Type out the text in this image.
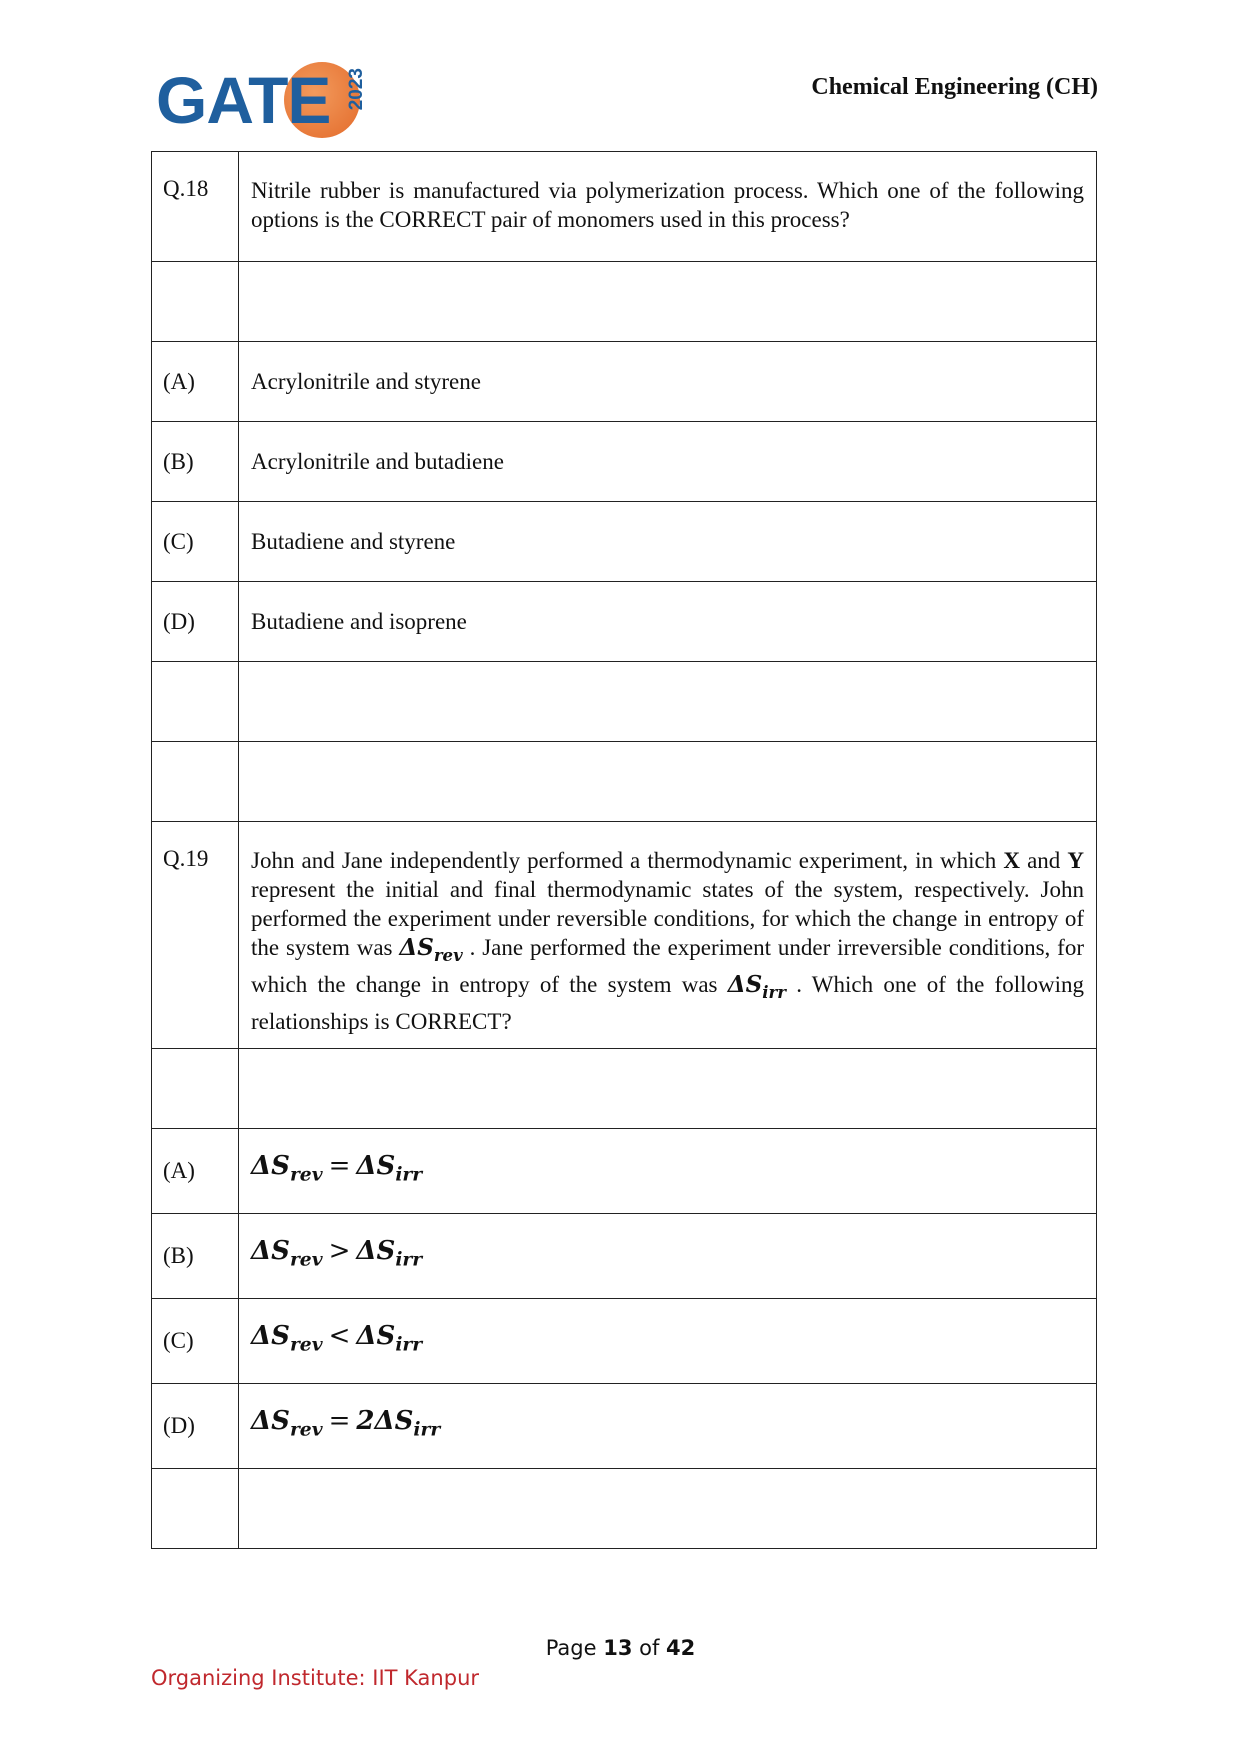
GATE 2023	Chemical Engineering (CH)
Q.18	Nitrile rubber is manufactured via polymerization process. Which one of the following options is the CORRECT pair of monomers used in this process?

(A)	Acrylonitrile and styrene
(B)	Acrylonitrile and butadiene
(C)	Butadiene and styrene
(D)	Butadiene and isoprene

Q.19	John and Jane independently performed a thermodynamic experiment, in which X and Y represent the initial and final thermodynamic states of the system, respectively. John performed the experiment under reversible conditions, for which the change in entropy of the system was $\Delta S_{rev}$ . Jane performed the experiment under irreversible conditions, for which the change in entropy of the system was $\Delta S_{irr}$ . Which one of the following relationships is CORRECT?

(A)	$\Delta S_{rev} = \Delta S_{irr}$
(B)	$\Delta S_{rev} > \Delta S_{irr}$
(C)	$\Delta S_{rev} < \Delta S_{irr}$
(D)	$\Delta S_{rev} = 2\Delta S_{irr}$

Page 13 of 42
Organizing Institute: IIT Kanpur
